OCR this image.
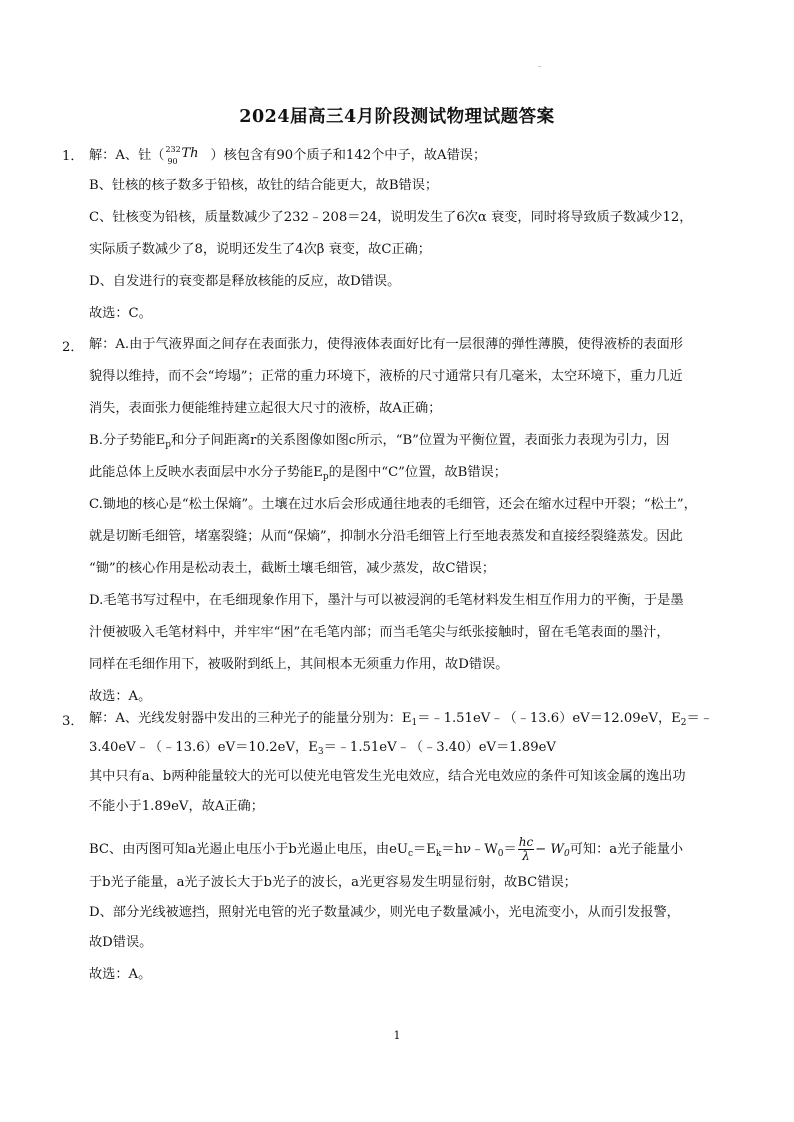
2024届高三4月阶段测试物理试题答案
1． 解：A、钍（ 232
90
Th ）核包含有90个质子和142个中子，故A错误；
B、钍核的核子数多于铅核，故钍的结合能更大，故B错误；
C、钍核变为铅核，质量数减少了232﹣208＝24，说明发生了6次α 衰变，同时将导致质子数减少12，
实际质子数减少了8，说明还发生了4次β 衰变，故C正确；
D、自发进行的衰变都是释放核能的反应，故D错误。
故选：C。
2． 解：A.由于气液界面之间存在表面张力，使得液体表面好比有一层很薄的弹性薄膜，使得液桥的表面形
貌得以维持，而不会“垮塌”；正常的重力环境下，液桥的尺寸通常只有几毫米，太空环境下，重力几近
消失，表面张力便能维持建立起很大尺寸的液桥，故A正确；
B.分子势能$E_p$和分子间距离r的关系图像如图c所示，“B”位置为平衡位置，表面张力表现为引力，因
此能总体上反映水表面层中水分子势能$E_p$的是图中“C”位置，故B错误；
C.锄地的核心是“松土保熵”。土壤在过水后会形成通往地表的毛细管，还会在缩水过程中开裂；“松土”，
就是切断毛细管，堵塞裂缝；从而“保熵”，抑制水分沿毛细管上行至地表蒸发和直接经裂缝蒸发。因此
“锄”的核心作用是松动表土，截断土壤毛细管，减少蒸发，故C错误；
D.毛笔书写过程中，在毛细现象作用下，墨汁与可以被浸润的毛笔材料发生相互作用力的平衡，于是墨
汁便被吸入毛笔材料中，并牢牢“困”在毛笔内部；而当毛笔尖与纸张接触时，留在毛笔表面的墨汁，
同样在毛细作用下，被吸附到纸上，其间根本无须重力作用，故D错误。
故选：A。
3． 解：A、光线发射器中发出的三种光子的能量分别为：$E_1=﹣1.51eV﹣(﹣13.6)eV=12.09eV$，$E_2=﹣$
3.40eV﹣（﹣13.6）eV＝10.2eV，$E_3=﹣1.51eV﹣(﹣3.40)eV=1.89eV$
其中只有a、b两种能量较大的光可以使光电管发生光电效应，结合光电效应的条件可知该金属的逸出功
不能小于1.89eV，故A正确；
BC、由丙图可知a光遏止电压小于b光遏止电压，由$eU_c=E_k=h\nu﹣W_0= \frac{hc}{\lambda} - W_0$可知：a光子能量小
于b光子能量，a光子波长大于b光子的波长，a光更容易发生明显衍射，故BC错误；
D、部分光线被遮挡，照射光电管的光子数量减少，则光电子数量减小，光电流变小，从而引发报警，
故D错误。
故选：A。
1
